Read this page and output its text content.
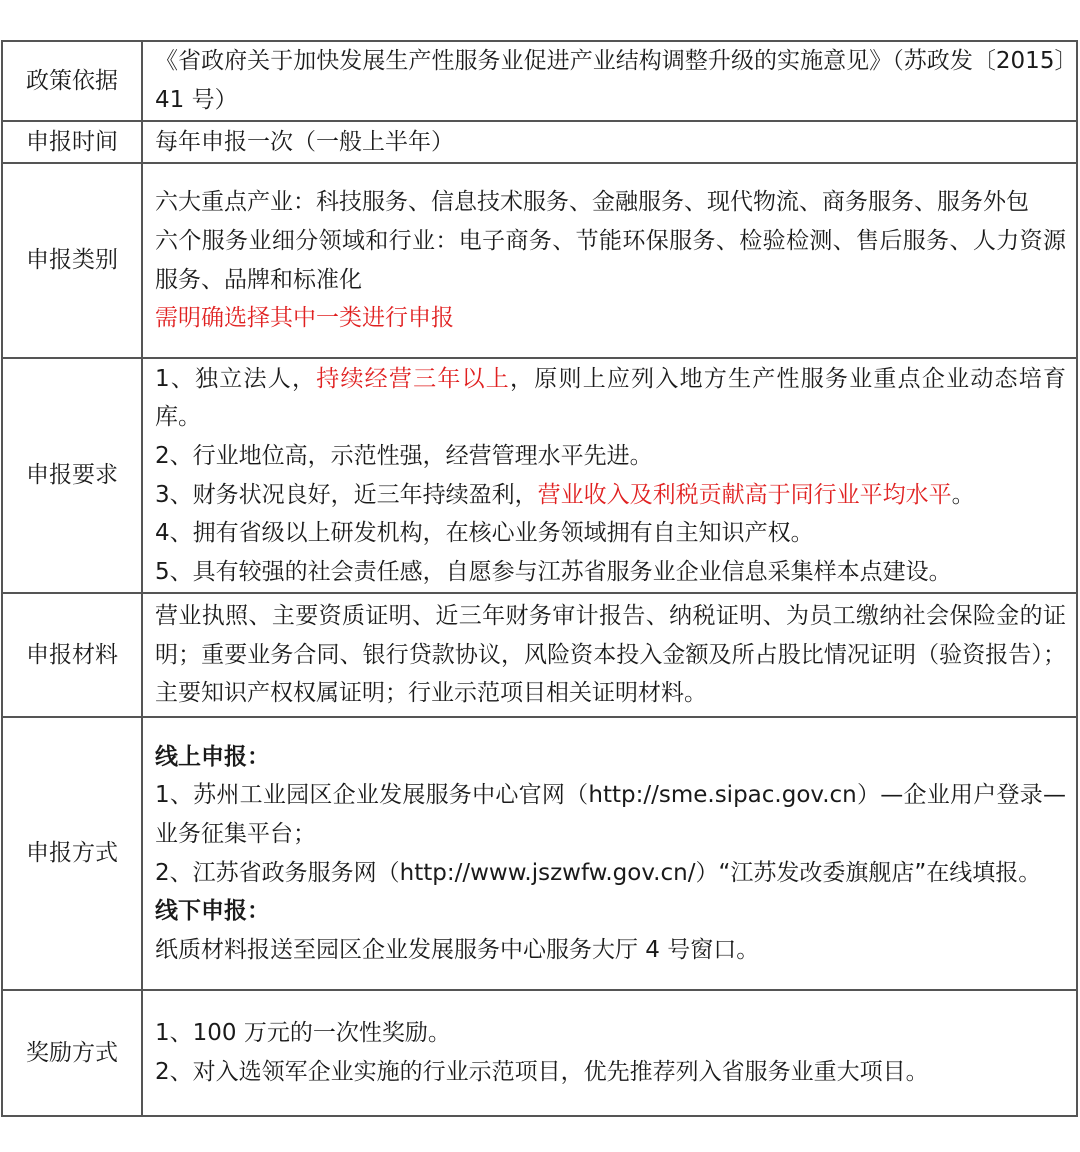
政策依据	《省政府关于加快发展生产性服务业促进产业结构调整升级的实施意见》（苏政发〔2015〕41 号）
申报时间	每年申报一次（一般上半年）
申报类别	六大重点产业：科技服务、信息技术服务、金融服务、现代物流、商务服务、服务外包
六个服务业细分领域和行业：电子商务、节能环保服务、检验检测、售后服务、人力资源服务、品牌和标准化
需明确选择其中一类进行申报

申报要求	1、独立法人，持续经营三年以上，原则上应列入地方生产性服务业重点企业动态培育库。
2、行业地位高，示范性强，经营管理水平先进。
3、财务状况良好，近三年持续盈利，营业收入及利税贡献高于同行业平均水平。
4、拥有省级以上研发机构，在核心业务领域拥有自主知识产权。
5、具有较强的社会责任感，自愿参与江苏省服务业企业信息采集样本点建设。

申报材料	营业执照、主要资质证明、近三年财务审计报告、纳税证明、为员工缴纳社会保险金的证明；重要业务合同、银行贷款协议，风险资本投入金额及所占股比情况证明（验资报告）；主要知识产权权属证明；行业示范项目相关证明材料。
申报方式	线上申报：
1、苏州工业园区企业发展服务中心官网（http://sme.sipac.gov.cn）—企业用户登录—业务征集平台；
2、江苏省政务服务网（http://www.jszwfw.gov.cn/）“江苏发改委旗舰店”在线填报。
线下申报：
纸质材料报送至园区企业发展服务中心服务大厅 4 号窗口。

奖励方式	1、100 万元的一次性奖励。
2、对入选领军企业实施的行业示范项目，优先推荐列入省服务业重大项目。
